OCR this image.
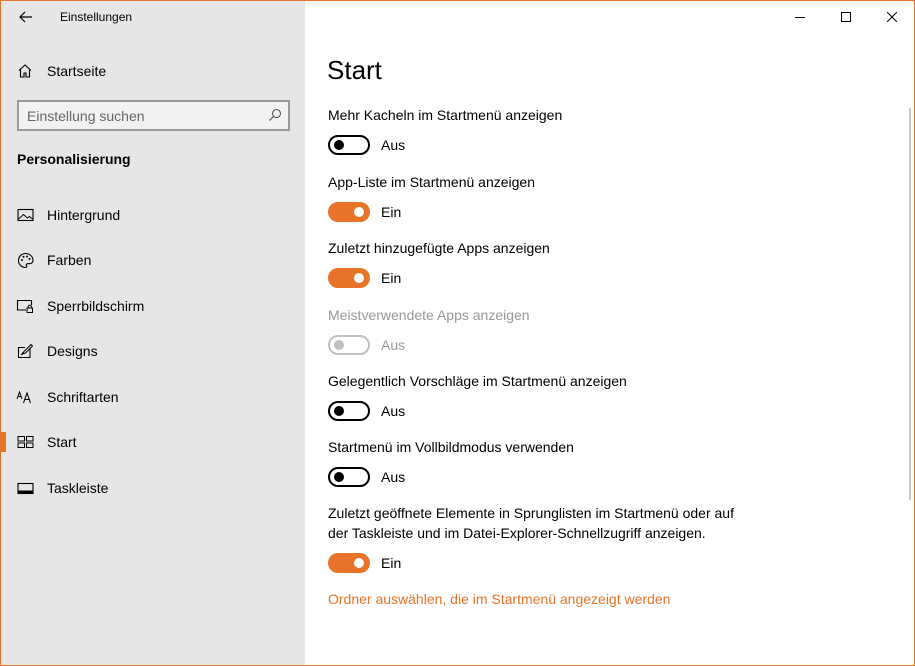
Einstellungen
Startseite
Einstellung suchen
Personalisierung
Hintergrund
Farben
Sperrbildschirm
Designs
Schriftarten
Start
Taskleiste
Start
Mehr Kacheln im Startmenü anzeigen
Aus
App-Liste im Startmenü anzeigen
Ein
Zuletzt hinzugefügte Apps anzeigen
Ein
Meistverwendete Apps anzeigen
Aus
Gelegentlich Vorschläge im Startmenü anzeigen
Aus
Startmenü im Vollbildmodus verwenden
Aus
Zuletzt geöffnete Elemente in Sprunglisten im Startmenü oder auf
der Taskleiste und im Datei-Explorer-Schnellzugriff anzeigen.
Ein
Ordner auswählen, die im Startmenü angezeigt werden
